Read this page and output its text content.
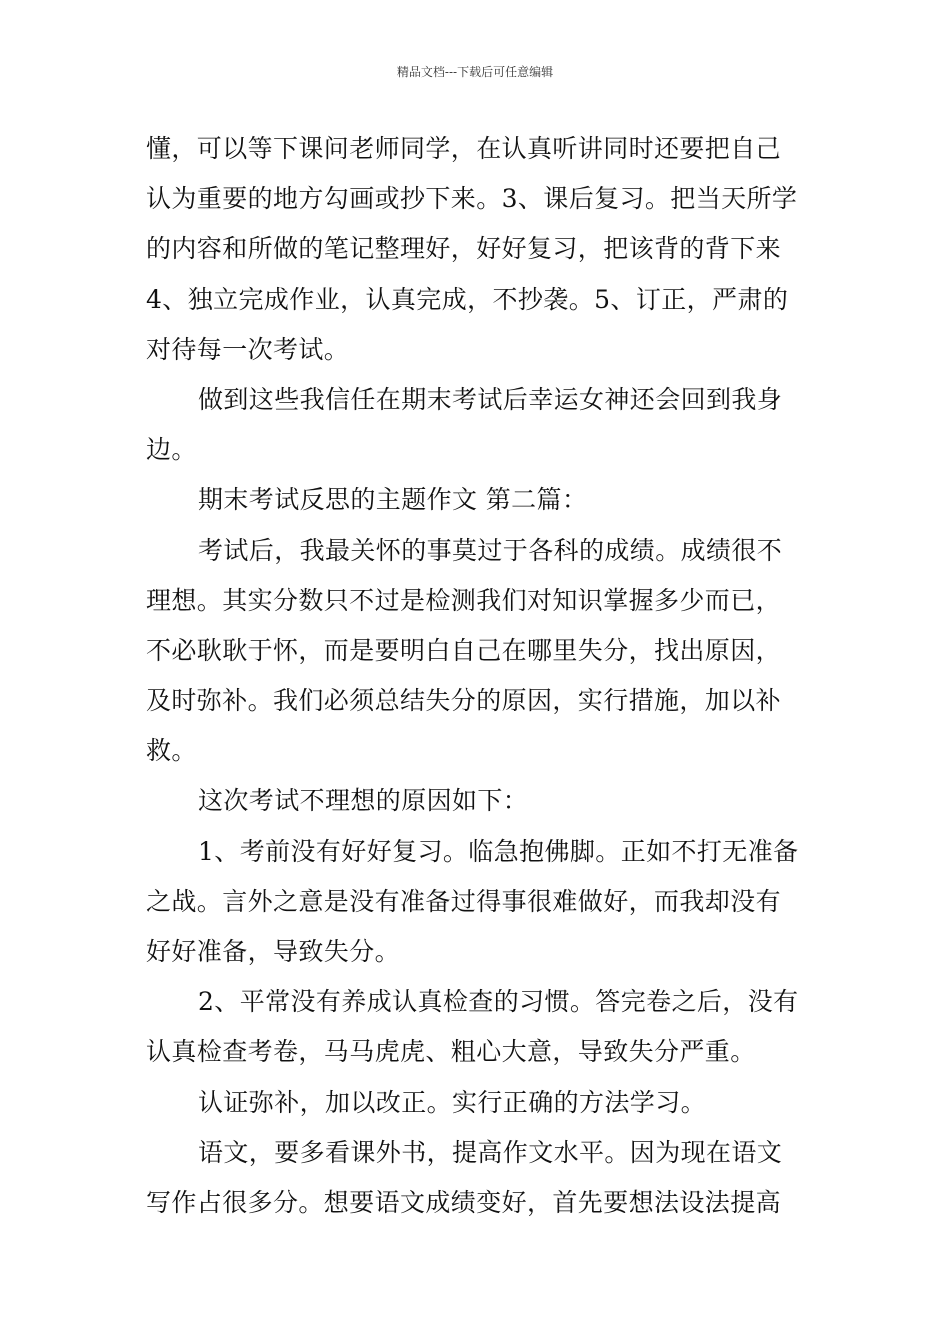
精品文档---下载后可任意编辑
懂，可以等下课问老师同学，在认真听讲同时还要把自己
认为重要的地方勾画或抄下来。3、课后复习。把当天所学
的内容和所做的笔记整理好，好好复习，把该背的背下来
4、独立完成作业，认真完成，不抄袭。5、订正，严肃的
对待每一次考试。
做到这些我信任在期末考试后幸运女神还会回到我身
边。
期末考试反思的主题作文 第二篇：
考试后，我最关怀的事莫过于各科的成绩。成绩很不
理想。其实分数只不过是检测我们对知识掌握多少而已，
不必耿耿于怀，而是要明白自己在哪里失分，找出原因，
及时弥补。我们必须总结失分的原因，实行措施，加以补
救。
这次考试不理想的原因如下：
1、考前没有好好复习。临急抱佛脚。正如不打无准备
之战。言外之意是没有准备过得事很难做好，而我却没有
好好准备，导致失分。
2、平常没有养成认真检查的习惯。答完卷之后，没有
认真检查考卷，马马虎虎、粗心大意，导致失分严重。
认证弥补，加以改正。实行正确的方法学习。
语文，要多看课外书，提高作文水平。因为现在语文
写作占很多分。想要语文成绩变好，首先要想法设法提高
